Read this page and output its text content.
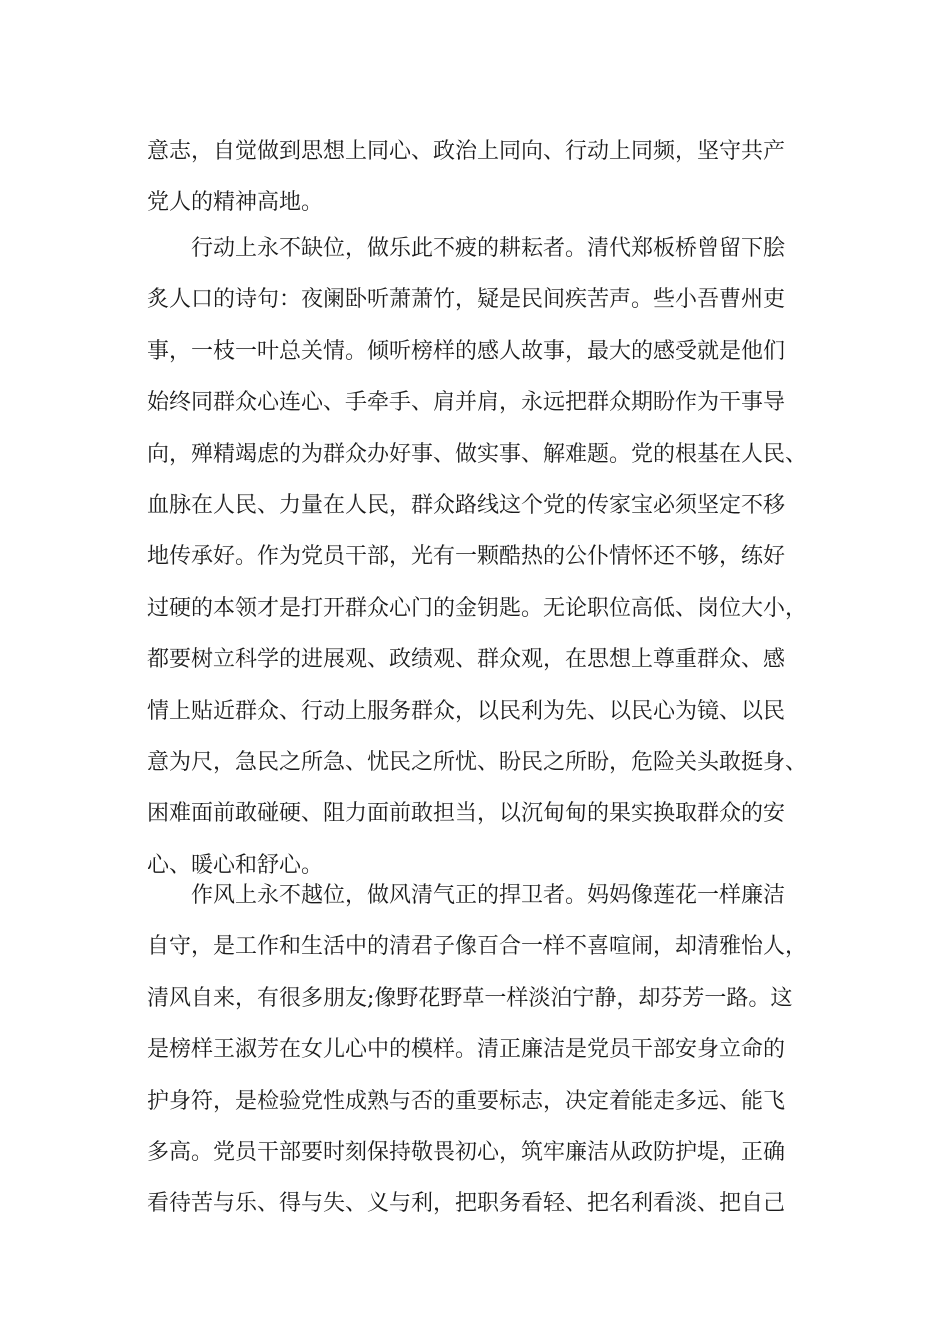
意志，自觉做到思想上同心、政治上同向、行动上同频，坚守共产
党人的精神高地。
行动上永不缺位，做乐此不疲的耕耘者。清代郑板桥曾留下脍
炙人口的诗句：夜阑卧听萧萧竹，疑是民间疾苦声。些小吾曹州吏
事，一枝一叶总关情。倾听榜样的感人故事，最大的感受就是他们
始终同群众心连心、手牵手、肩并肩，永远把群众期盼作为干事导
向，殚精竭虑的为群众办好事、做实事、解难题。党的根基在人民、
血脉在人民、力量在人民，群众路线这个党的传家宝必须坚定不移
地传承好。作为党员干部，光有一颗酷热的公仆情怀还不够，练好
过硬的本领才是打开群众心门的金钥匙。无论职位高低、岗位大小，
都要树立科学的进展观、政绩观、群众观，在思想上尊重群众、感
情上贴近群众、行动上服务群众，以民利为先、以民心为镜、以民
意为尺，急民之所急、忧民之所忧、盼民之所盼，危险关头敢挺身、
困难面前敢碰硬、阻力面前敢担当，以沉甸甸的果实换取群众的安
心、暖心和舒心。
作风上永不越位，做风清气正的捍卫者。妈妈像莲花一样廉洁
自守，是工作和生活中的清君子像百合一样不喜喧闹，却清雅怡人，
清风自来，有很多朋友;像野花野草一样淡泊宁静，却芬芳一路。这
是榜样王淑芳在女儿心中的模样。清正廉洁是党员干部安身立命的
护身符，是检验党性成熟与否的重要标志，决定着能走多远、能飞
多高。党员干部要时刻保持敬畏初心，筑牢廉洁从政防护堤，正确
看待苦与乐、得与失、义与利，把职务看轻、把名利看淡、把自己
